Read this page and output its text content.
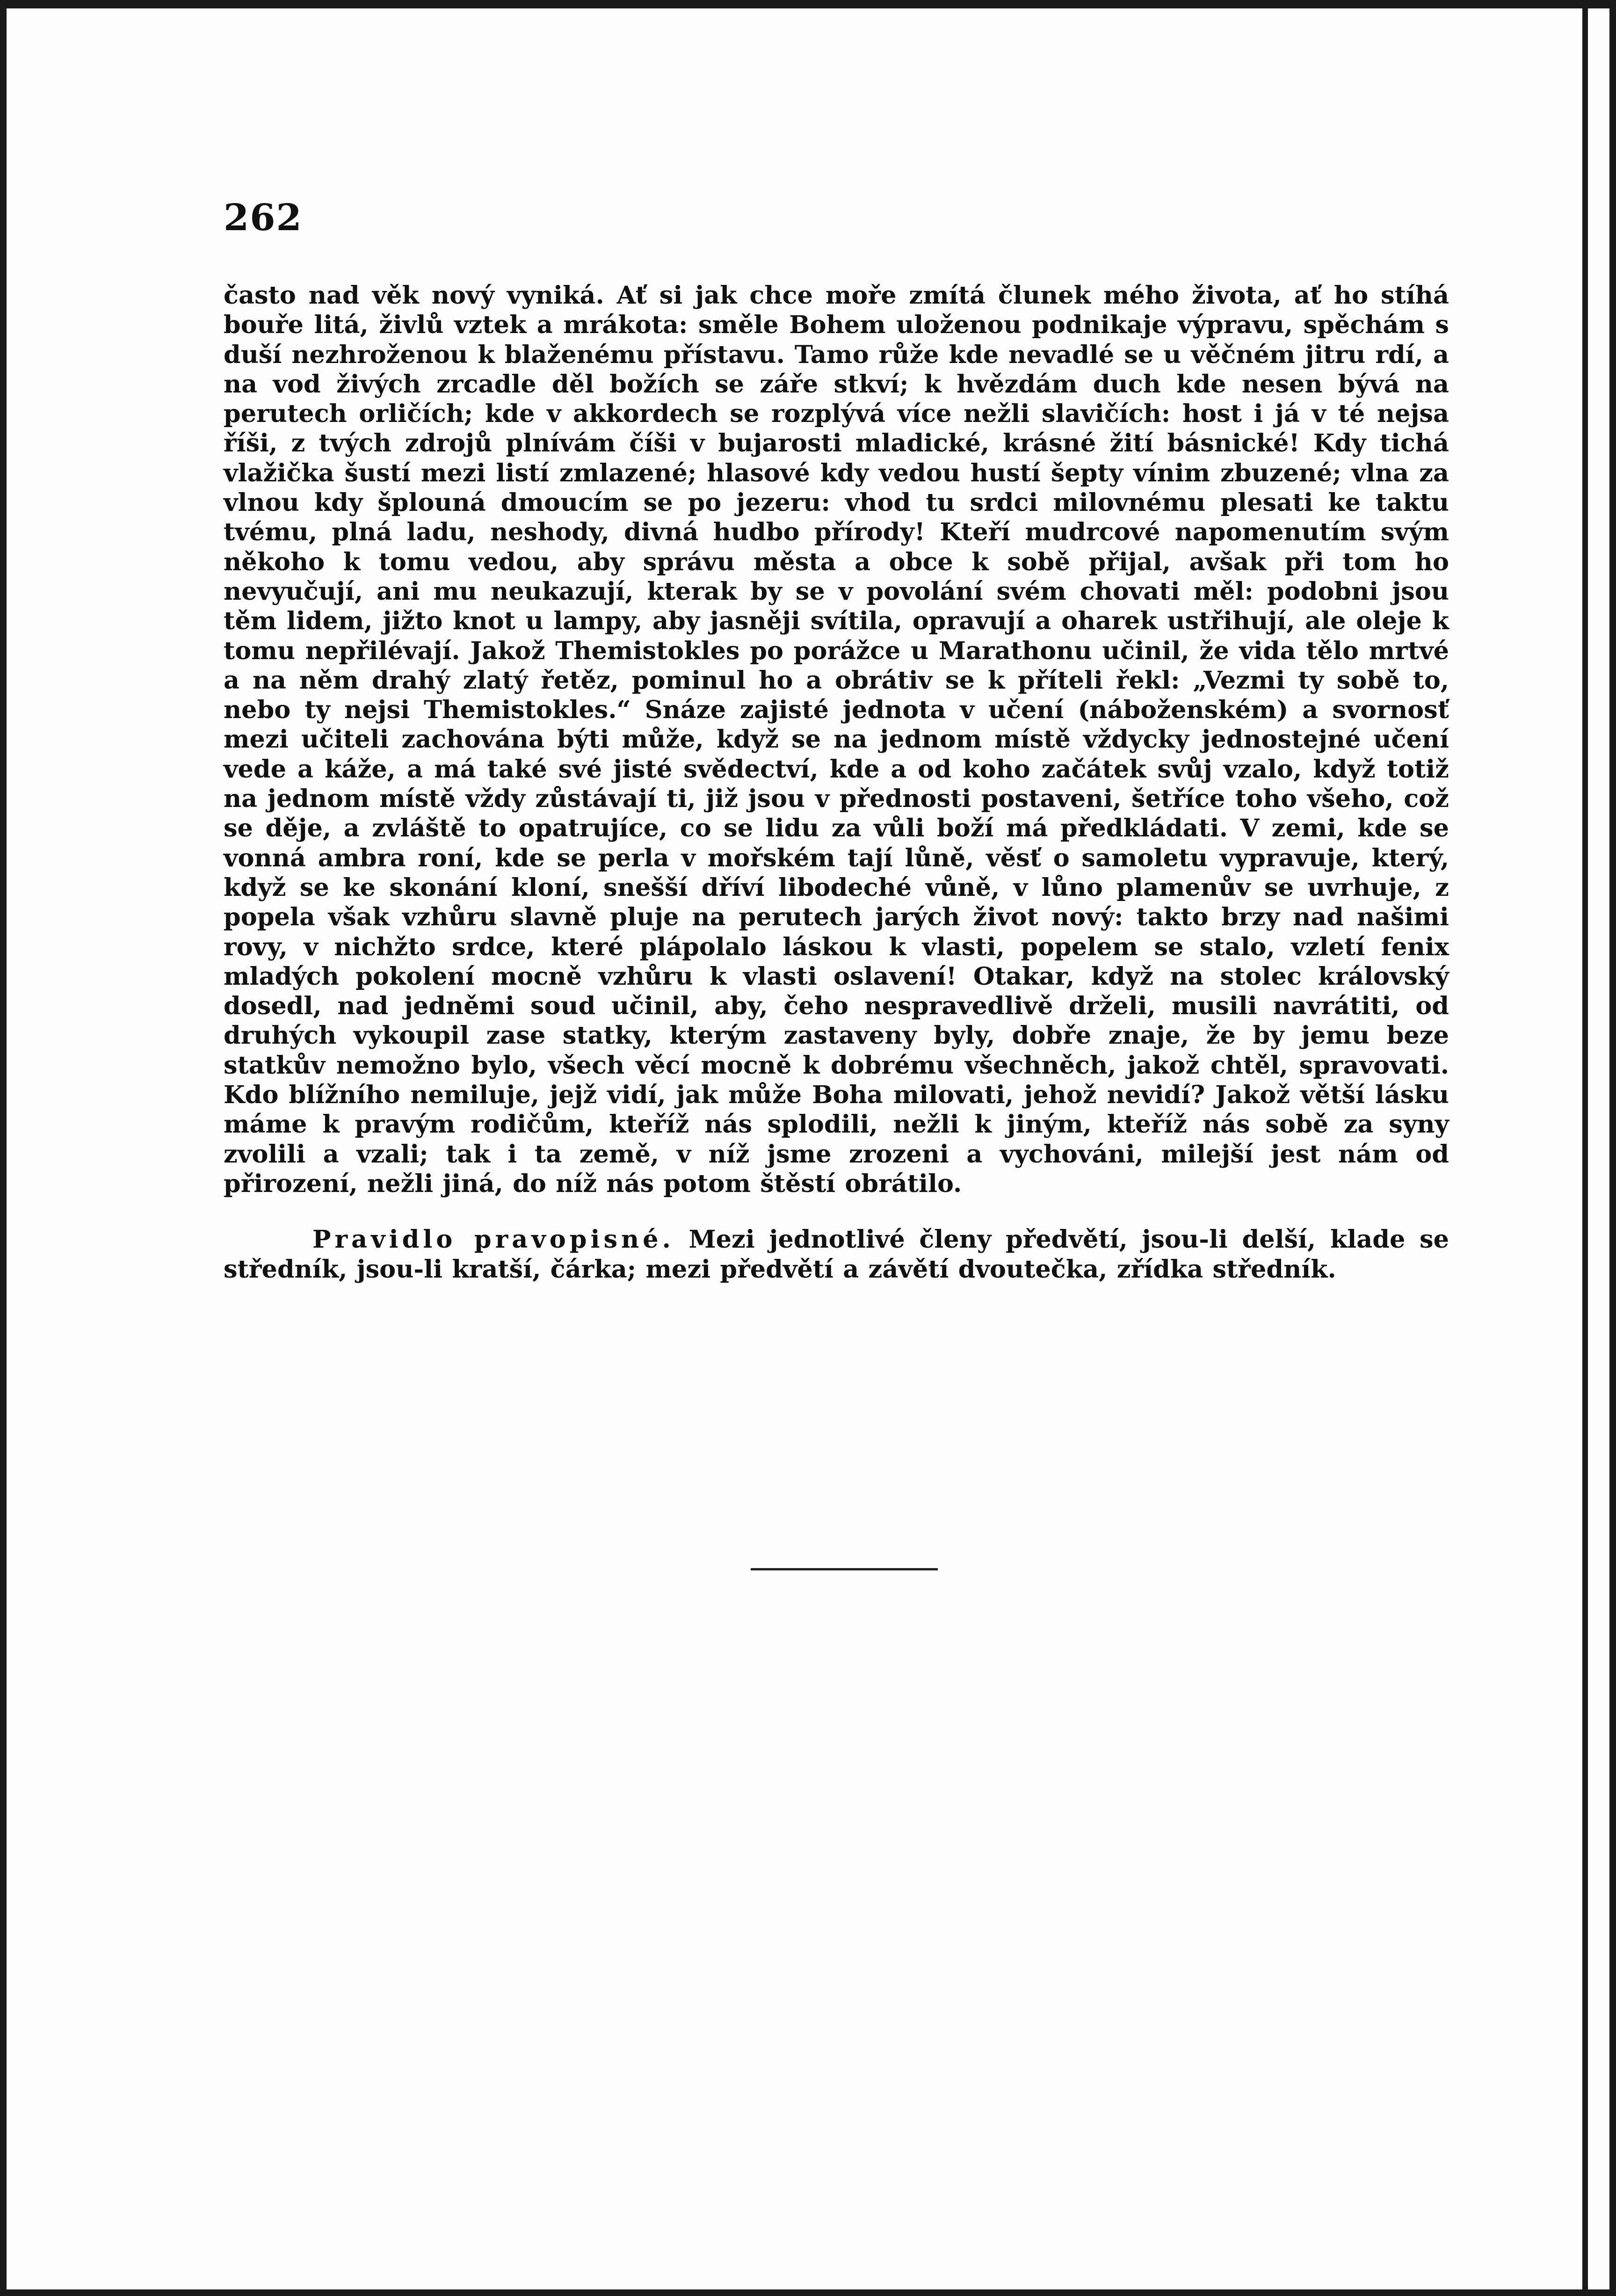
262

často nad věk nový vyniká. Ať si jak chce moře zmítá člunek mého života, ať ho stíhá bouře litá, živlů vztek a mrákota: směle Bohem uloženou podnikaje výpravu, spěchám s duší nezhroženou k blaženému přístavu. Tamo růže kde nevadlé se u věčném jitru rdí, a na vod živých zrcadle děl božích se záře stkví; k hvězdám duch kde nesen bývá na perutech orličích; kde v akkordech se rozplývá více nežli slavičích: host i já v té nejsa říši, z tvých zdrojů plnívám číši v bujarosti mladické, krásné žití básnické! Kdy tichá vlažička šustí mezi listí zmlazené; hlasové kdy vedou hustí šepty vínim zbuzené; vlna za vlnou kdy šplouná dmoucím se po jezeru: vhod tu srdci milovnému plesati ke taktu tvému, plná ladu, neshody, divná hudbo přírody! Kteří mudrcové napomenutím svým někoho k tomu vedou, aby správu města a obce k sobě přijal, avšak při tom ho nevyučují, ani mu neukazují, kterak by se v povolání svém chovati měl: podobni jsou těm lidem, jižto knot u lampy, aby jasněji svítila, opravují a oharek ustřihují, ale oleje k tomu nepřilévají. Jakož Themistokles po porážce u Marathonu učinil, že vida tělo mrtvé a na něm drahý zlatý řetěz, pominul ho a obrátiv se k příteli řekl: „Vezmi ty sobě to, nebo ty nejsi Themistokles.“ Snáze zajisté jednota v učení (náboženském) a svornosť mezi učiteli zachována býti může, když se na jednom místě vždycky jednostejné učení vede a káže, a má také své jisté svědectví, kde a od koho začátek svůj vzalo, když totiž na jednom místě vždy zůstávají ti, již jsou v přednosti postaveni, šetříce toho všeho, což se děje, a zvláště to opatrujíce, co se lidu za vůli boží má předkládati. V zemi, kde se vonná ambra roní, kde se perla v mořském tají lůně, věsť o samoletu vypravuje, který, když se ke skonání kloní, snešší dříví libodeché vůně, v lůno plamenův se uvrhuje, z popela však vzhůru slavně pluje na perutech jarých život nový: takto brzy nad našimi rovy, v nichžto srdce, které plápolalo láskou k vlasti, popelem se stalo, vzletí fenix mladých pokolení mocně vzhůru k vlasti oslavení! Otakar, když na stolec královský dosedl, nad jedněmi soud učinil, aby, čeho nespravedlivě drželi, musili navrátiti, od druhých vykoupil zase statky, kterým zastaveny byly, dobře znaje, že by jemu beze statkův nemožno bylo, všech věcí mocně k dobrému všechněch, jakož chtěl, spravovati. Kdo blížního nemiluje, jejž vidí, jak může Boha milovati, jehož nevidí? Jakož větší lásku máme k pravým rodičům, kteříž nás splodili, nežli k jiným, kteříž nás sobě za syny zvolili a vzali; tak i ta země, v níž jsme zrozeni a vychováni, milejší jest nám od přirození, nežli jiná, do níž nás potom štěstí obrátilo.

Pravidlo pravopisné. Mezi jednotlivé členy předvětí, jsou-li delší, klade se středník, jsou-li kratší, čárka; mezi předvětí a závětí dvoutečka, zřídka středník.
